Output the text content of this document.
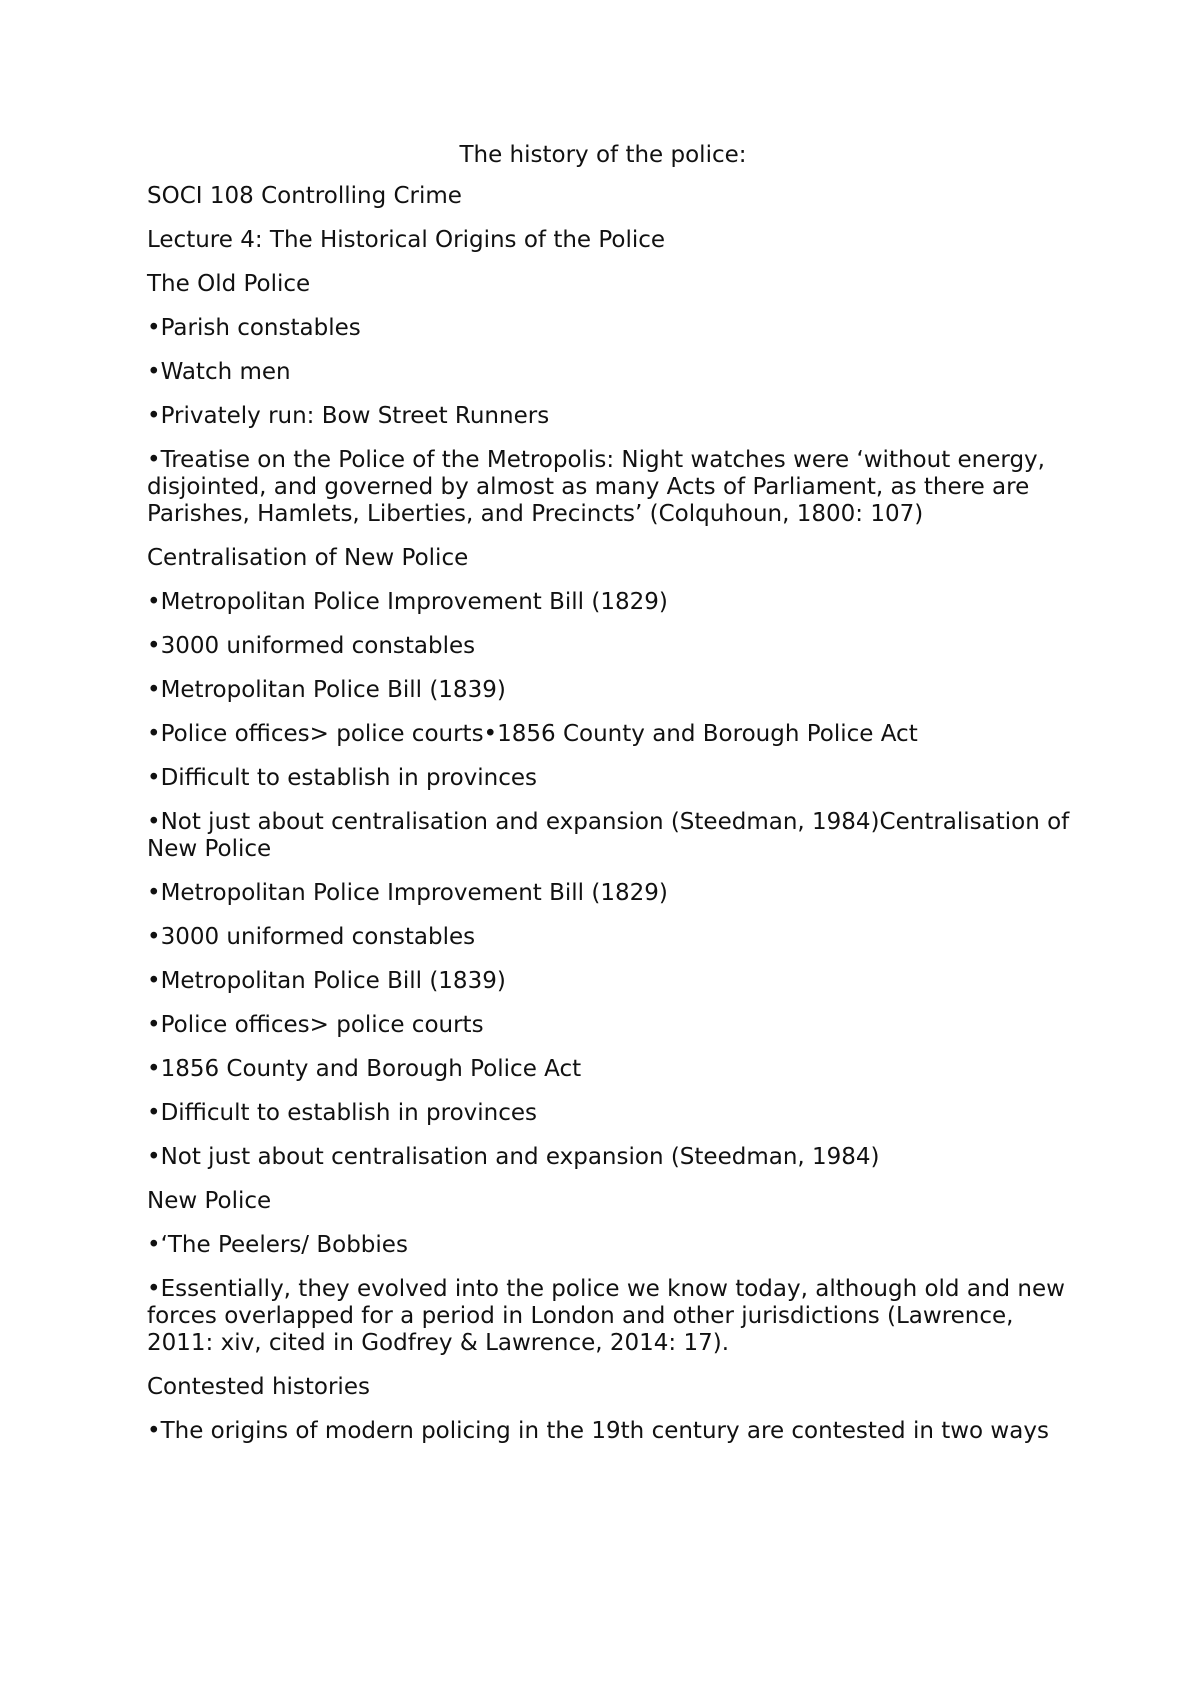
The history of the police:
SOCI 108 Controlling Crime
Lecture 4: The Historical Origins of the Police
The Old Police
•Parish constables
•Watch men
•Privately run: Bow Street Runners
•Treatise on the Police of the Metropolis: Night watches were ‘without energy, disjointed, and governed by almost as many Acts of Parliament, as there are Parishes, Hamlets, Liberties, and Precincts’ (Colquhoun, 1800: 107)
Centralisation of New Police
•Metropolitan Police Improvement Bill (1829)
•3000 uniformed constables
•Metropolitan Police Bill (1839)
•Police offices> police courts•1856 County and Borough Police Act
•Difficult to establish in provinces
•Not just about centralisation and expansion (Steedman, 1984)Centralisation of New Police
•Metropolitan Police Improvement Bill (1829)
•3000 uniformed constables
•Metropolitan Police Bill (1839)
•Police offices> police courts
•1856 County and Borough Police Act
•Difficult to establish in provinces
•Not just about centralisation and expansion (Steedman, 1984)
New Police
•‘The Peelers/ Bobbies
•Essentially, they evolved into the police we know today, although old and new forces overlapped for a period in London and other jurisdictions (Lawrence, 2011: xiv, cited in Godfrey & Lawrence, 2014: 17).
Contested histories
•The origins of modern policing in the 19th century are contested in two ways
